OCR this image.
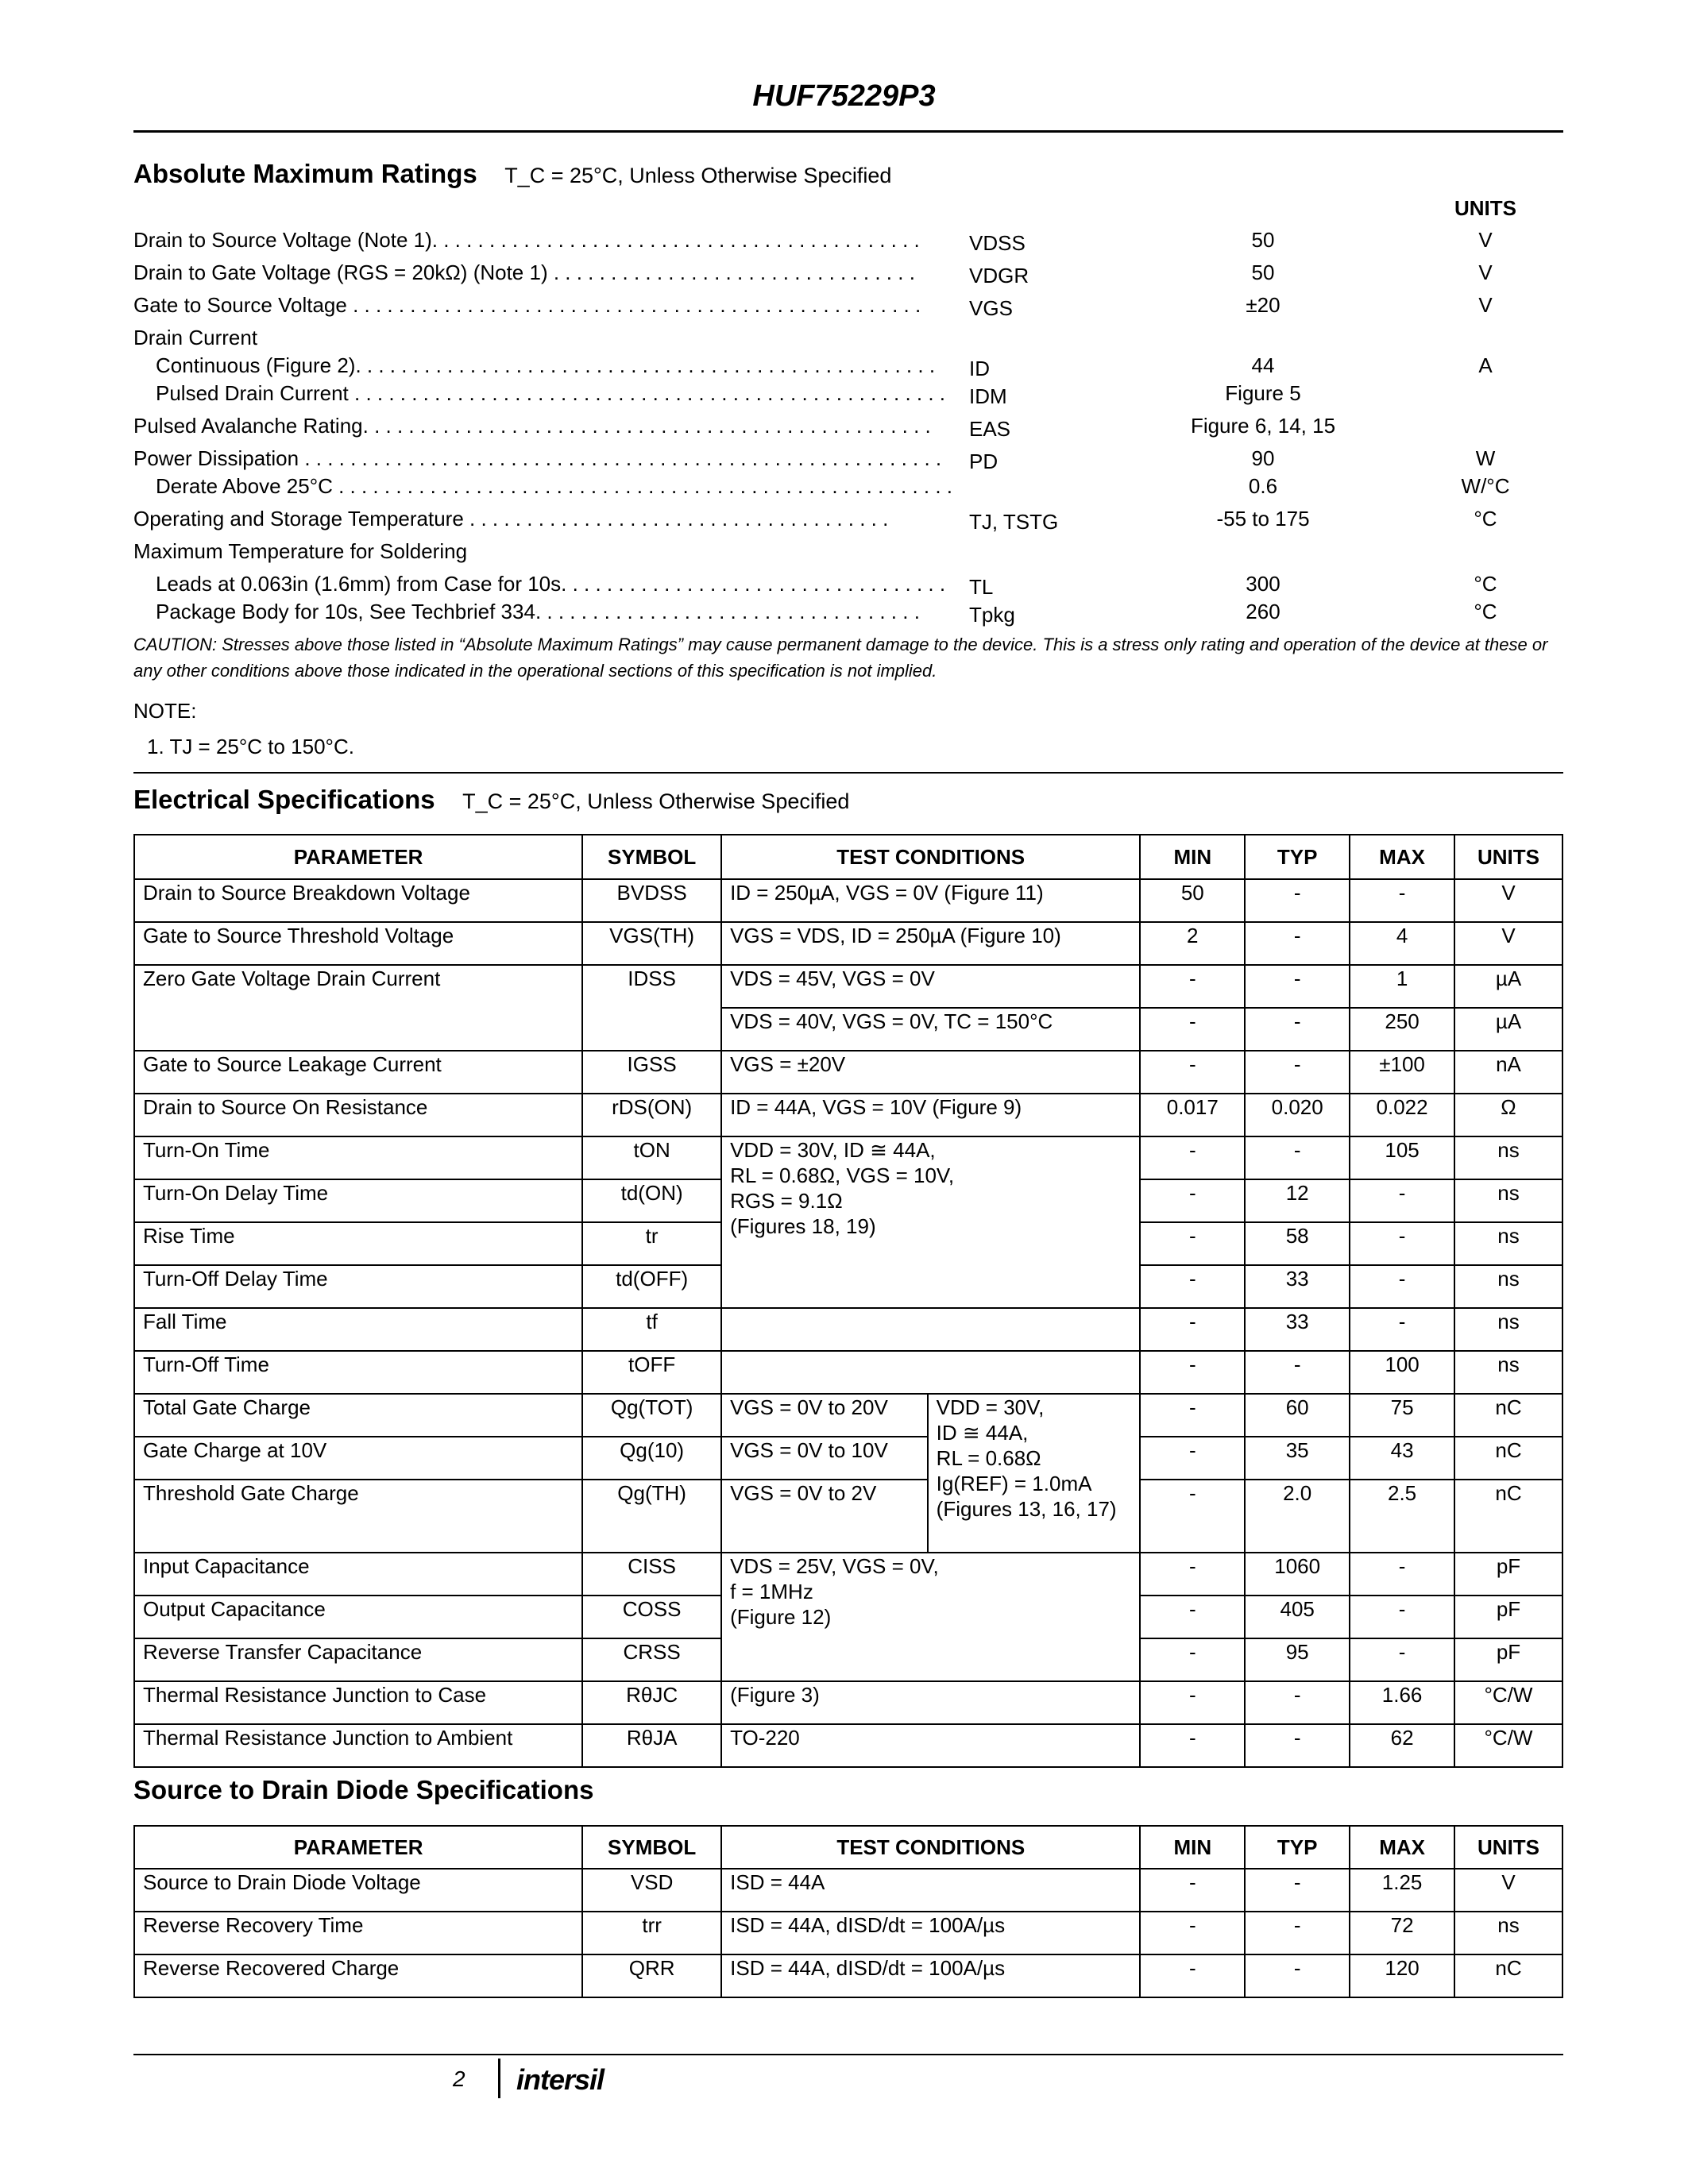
HUF75229P3
Absolute Maximum Ratings T_C = 25°C, Unless Otherwise Specified
UNITS
Drain to Source Voltage (Note 1). . . . . . . . . . . . . . . . . . . . . . . . . . . . . . . . . . . . . . . . . . . VDSS	50	V
Drain to Gate Voltage (RGS = 20kΩ) (Note 1) . . . . . . . . . . . . . . . . . . . . . . . . . . . . . . . .	VDGR	50	V
Gate to Source Voltage . . . . . . . . . . . . . . . . . . . . . . . . . . . . . . . . . . . . . . . . . . . . . . . . . . VGS	±20	V
Drain Current
Continuous (Figure 2). . . . . . . . . . . . . . . . . . . . . . . . . . . . . . . . . . . . . . . . . . . . . . . . . . . ID	44	A
Pulsed Drain Current . . . . . . . . . . . . . . . . . . . . . . . . . . . . . . . . . . . . . . . . . . . . . . . . . . . . IDM	Figure 5
Pulsed Avalanche Rating. . . . . . . . . . . . . . . . . . . . . . . . . . . . . . . . . . . . . . . . . . . . . . . . . . EAS	Figure 6, 14, 15
Power Dissipation . . . . . . . . . . . . . . . . . . . . . . . . . . . . . . . . . . . . . . . . . . . . . . . . . . . . . . . . PD	90	W
Derate Above 25°C . . . . . . . . . . . . . . . . . . . . . . . . . . . . . . . . . . . . . . . . . . . . . . . . . . . . . .	0.6	W/°C
Operating and Storage Temperature . . . . . . . . . . . . . . . . . . . . . . . . . . . . . . . . . . . . .	TJ, TSTG	-55 to 175	°C
Maximum Temperature for Soldering
Leads at 0.063in (1.6mm) from Case for 10s. . . . . . . . . . . . . . . . . . . . . . . . . . . . . . . . . . TL	300	°C
Package Body for 10s, See Techbrief 334. . . . . . . . . . . . . . . . . . . . . . . . . . . . . . . . . . Tpkg	260	°C
CAUTION: Stresses above those listed in “Absolute Maximum Ratings” may cause permanent damage to the device. This is a stress only rating and operation of the device at these or any other conditions above those indicated in the operational sections of this specification is not implied.
NOTE:
1. TJ = 25°C to 150°C.
Electrical Specifications T_C = 25°C, Unless Otherwise Specified
PARAMETER	SYMBOL	TEST CONDITIONS		MIN	TYP	MAX	UNITS
Drain to Source Breakdown Voltage	BVDSS	ID = 250µA, VGS = 0V (Figure 11)		50	-	-	V
Gate to Source Threshold Voltage	VGS(TH)	VGS = VDS, ID = 250µA (Figure 10)		2	-	4	V
Zero Gate Voltage Drain Current	IDSS	VDS = 45V, VGS = 0V		-	-	1	µA
		VDS = 40V, VGS = 0V, TC = 150°C		-	-	250	µA
Gate to Source Leakage Current	IGSS	VGS = ±20V		-	-	±100	nA
Drain to Source On Resistance	rDS(ON)	ID = 44A, VGS = 10V (Figure 9)		0.017	0.020	0.022	Ω
Turn-On Time	tON	VDD = 30V, ID ≅ 44A,
RL = 0.68Ω, VGS = 10V,
RGS = 9.1Ω
(Figures 18, 19)		-	-	105	ns
Turn-On Delay Time	td(ON)			-	12	-	ns
Rise Time	tr			-	58	-	ns
Turn-Off Delay Time	td(OFF)			-	33	-	ns
Fall Time	tf			-	33	-	ns
Turn-Off Time	tOFF			-	-	100	ns
Total Gate Charge	Qg(TOT)	VGS = 0V to 20V	VDD = 30V,
ID ≅ 44A,
RL = 0.68Ω
Ig(REF) = 1.0mA
(Figures 13, 16, 17)	-	60	75	nC
Gate Charge at 10V	Qg(10)	VGS = 0V to 10V		-	35	43	nC
Threshold Gate Charge	Qg(TH)	VGS = 0V to 2V		-	2.0	2.5	nC
Input Capacitance	CISS	VDS = 25V, VGS = 0V,
f = 1MHz
(Figure 12)		-	1060	-	pF
Output Capacitance	COSS			-	405	-	pF
Reverse Transfer Capacitance	CRSS			-	95	-	pF
Thermal Resistance Junction to Case	RθJC	(Figure 3)		-	-	1.66	°C/W
Thermal Resistance Junction to Ambient	RθJA	TO-220		-	-	62	°C/W
Source to Drain Diode Specifications
PARAMETER	SYMBOL	TEST CONDITIONS	MIN	TYP	MAX	UNITS
Source to Drain Diode Voltage	VSD	ISD = 44A	-	-	1.25	V
Reverse Recovery Time	trr	ISD = 44A, dISD/dt = 100A/µs	-	-	72	ns
Reverse Recovered Charge	QRR	ISD = 44A, dISD/dt = 100A/µs	-	-	120	nC
2 intersil
